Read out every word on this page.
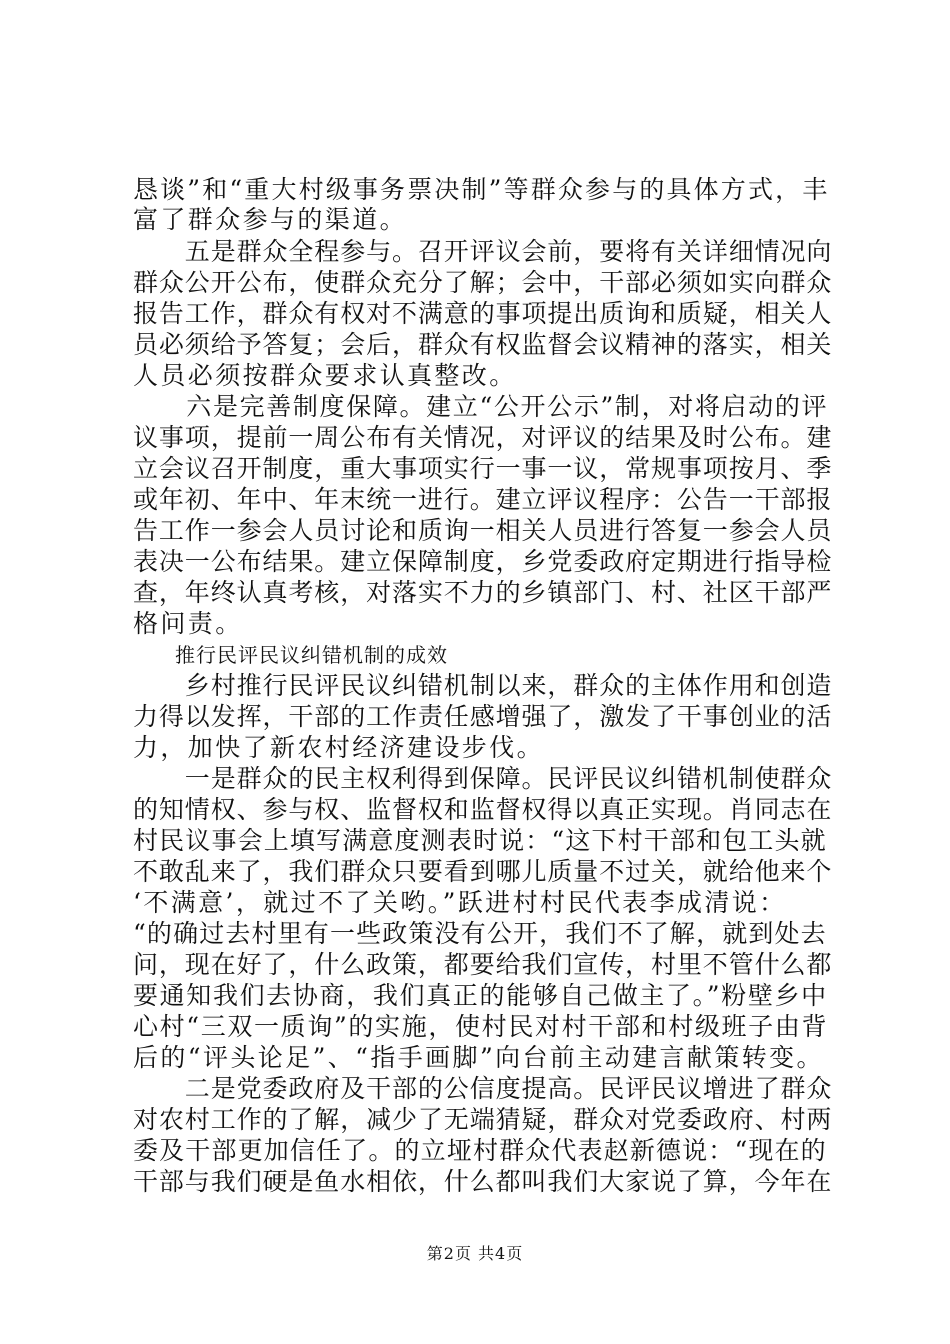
恳谈”和“重大村级事务票决制”等群众参与的具体方式，丰
富了群众参与的渠道。
　　五是群众全程参与。召开评议会前，要将有关详细情况向
群众公开公布，使群众充分了解；会中，干部必须如实向群众
报告工作，群众有权对不满意的事项提出质询和质疑，相关人
员必须给予答复；会后，群众有权监督会议精神的落实，相关
人员必须按群众要求认真整改。
　　六是完善制度保障。建立“公开公示”制，对将启动的评
议事项，提前一周公布有关情况，对评议的结果及时公布。建
立会议召开制度，重大事项实行一事一议，常规事项按月、季
或年初、年中、年末统一进行。建立评议程序：公告一干部报
告工作一参会人员讨论和质询一相关人员进行答复一参会人员
表决一公布结果。建立保障制度，乡党委政府定期进行指导检
查，年终认真考核，对落实不力的乡镇部门、村、社区干部严
格问责。
　　推行民评民议纠错机制的成效
　　乡村推行民评民议纠错机制以来，群众的主体作用和创造
力得以发挥，干部的工作责任感增强了，激发了干事创业的活
力，加快了新农村经济建设步伐。
　　一是群众的民主权利得到保障。民评民议纠错机制使群众
的知情权、参与权、监督权和监督权得以真正实现。肖同志在
村民议事会上填写满意度测表时说：“这下村干部和包工头就
不敢乱来了，我们群众只要看到哪儿质量不过关，就给他来个
‘不满意’，就过不了关哟。”跃进村村民代表李成清说：
“的确过去村里有一些政策没有公开，我们不了解，就到处去
问，现在好了，什么政策，都要给我们宣传，村里不管什么都
要通知我们去协商，我们真正的能够自己做主了。”粉壁乡中
心村“三双一质询”的实施，使村民对村干部和村级班子由背
后的“评头论足”、“指手画脚”向台前主动建言献策转变。
　　二是党委政府及干部的公信度提高。民评民议增进了群众
对农村工作的了解，减少了无端猜疑，群众对党委政府、村两
委及干部更加信任了。的立垭村群众代表赵新德说：“现在的
干部与我们硬是鱼水相依，什么都叫我们大家说了算，今年在
第2页 共4页
